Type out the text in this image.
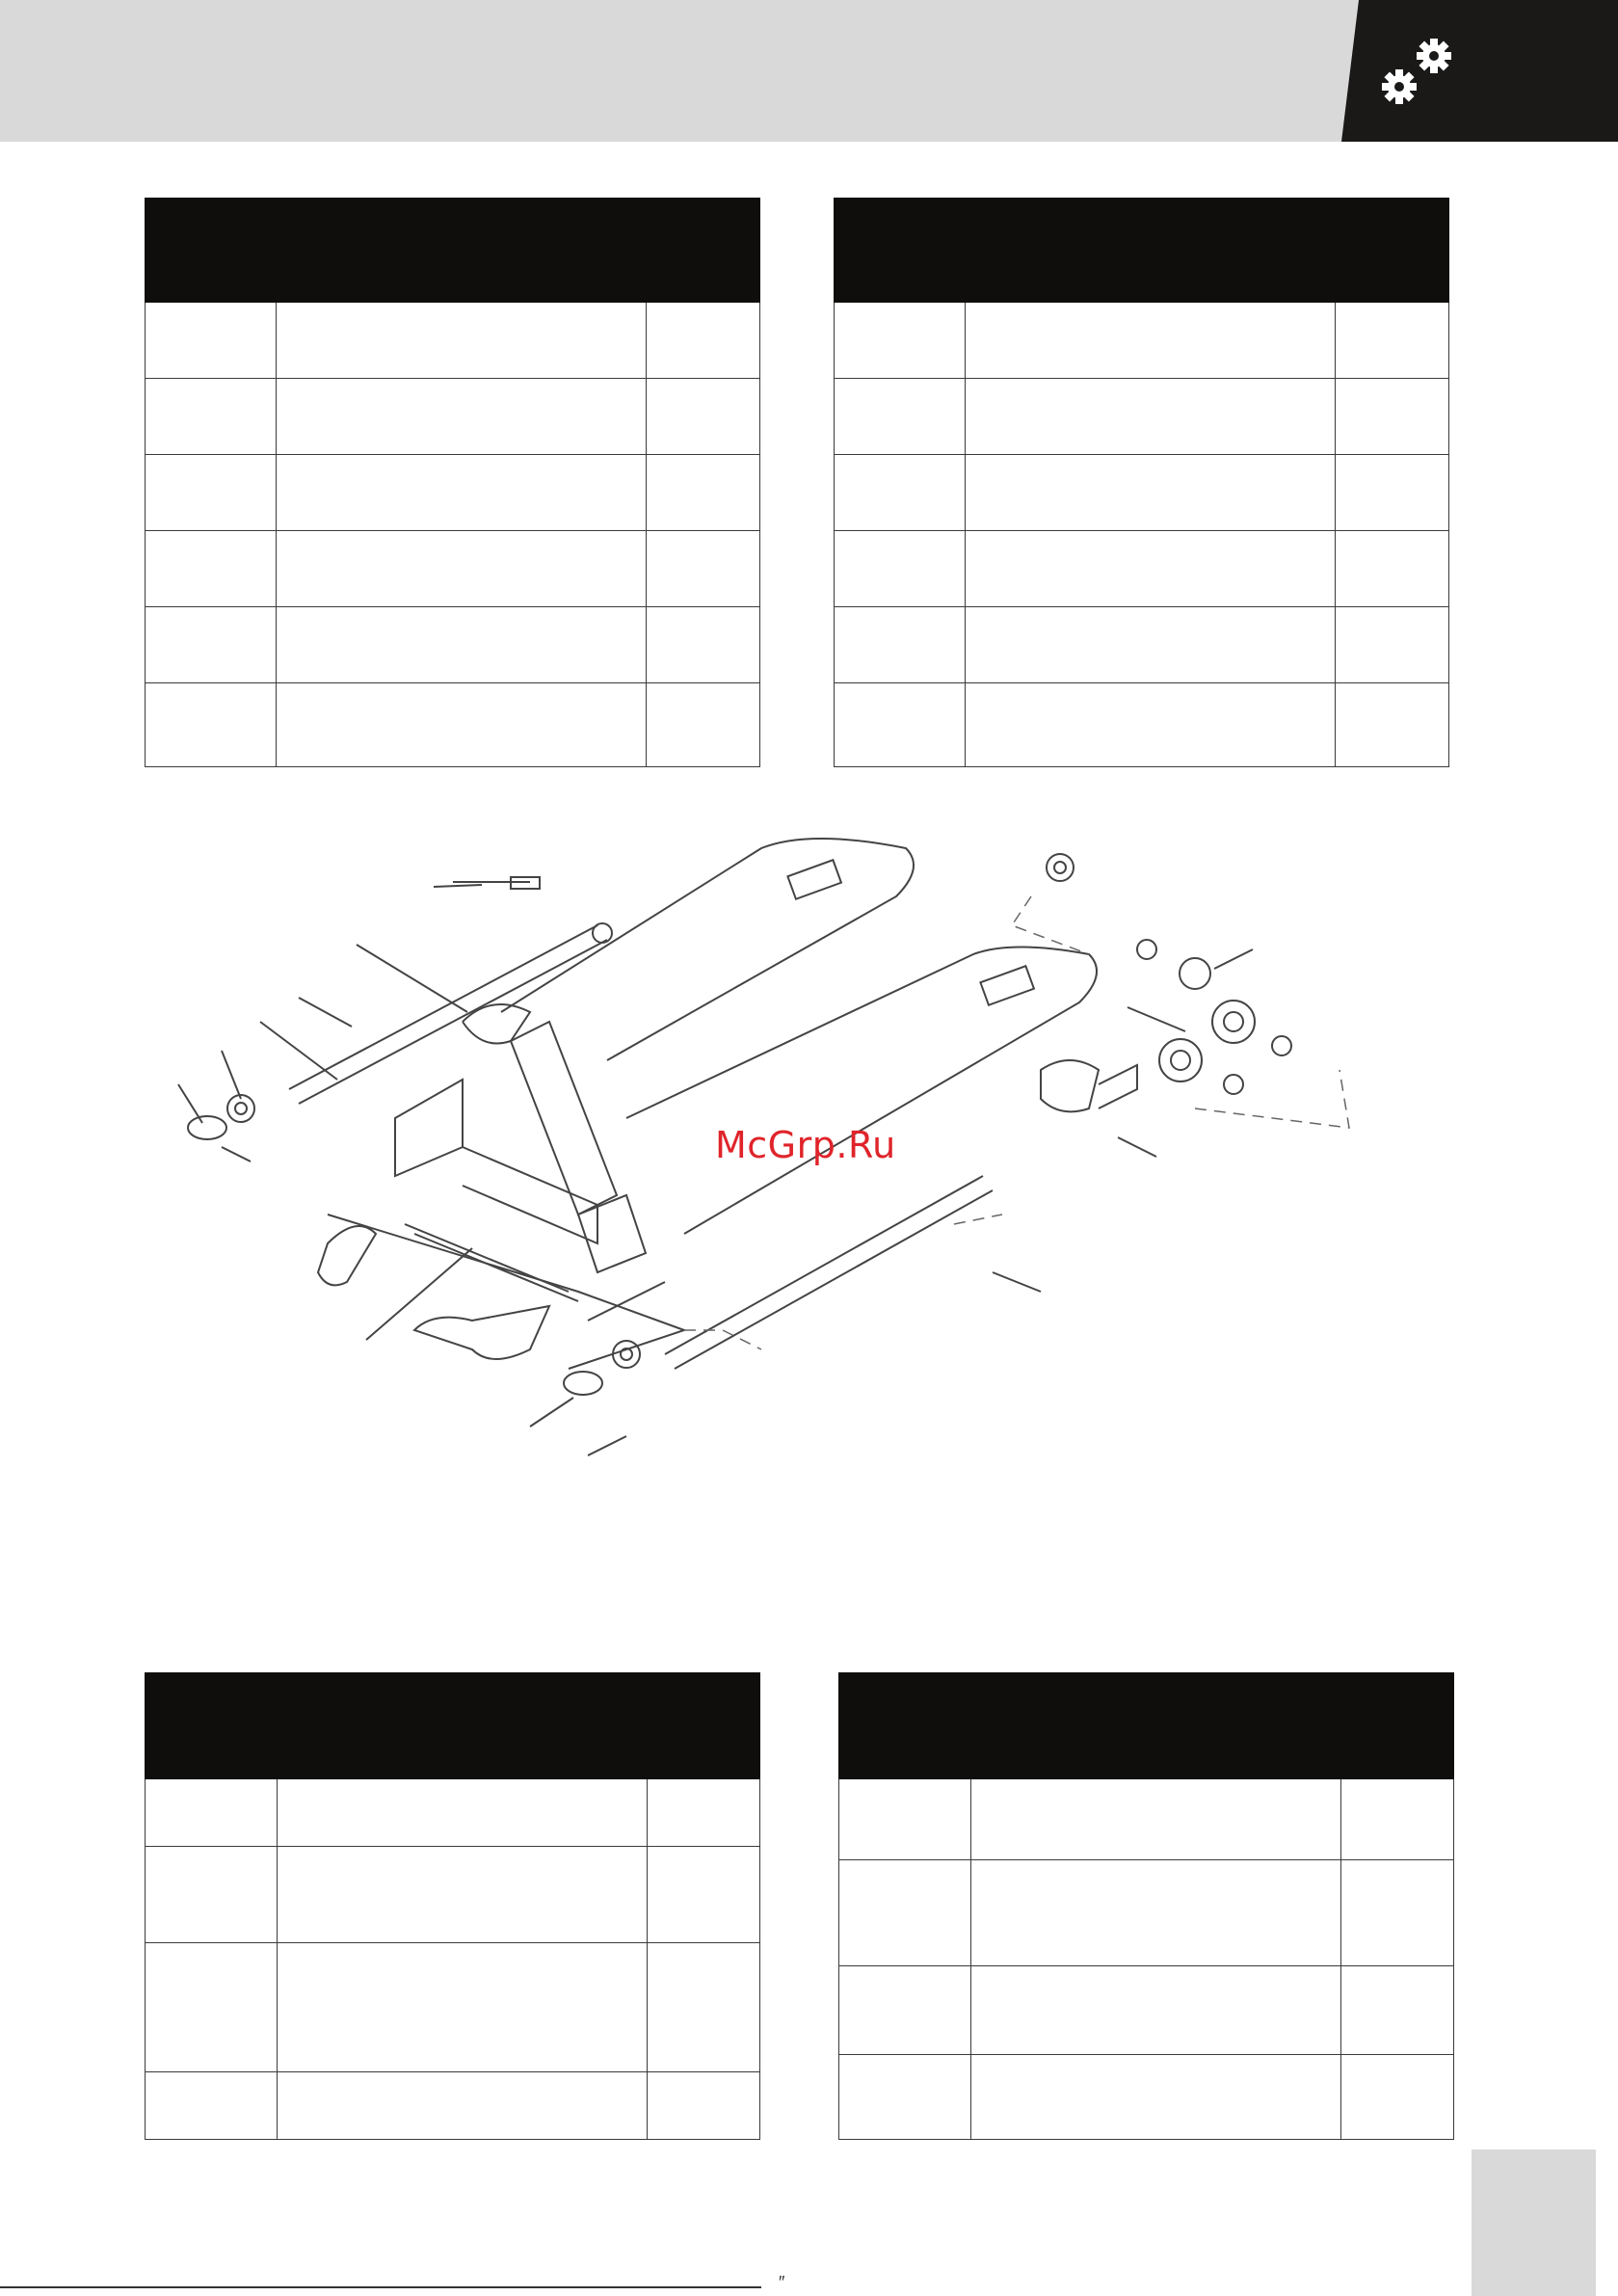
McGrp.Ru

″
